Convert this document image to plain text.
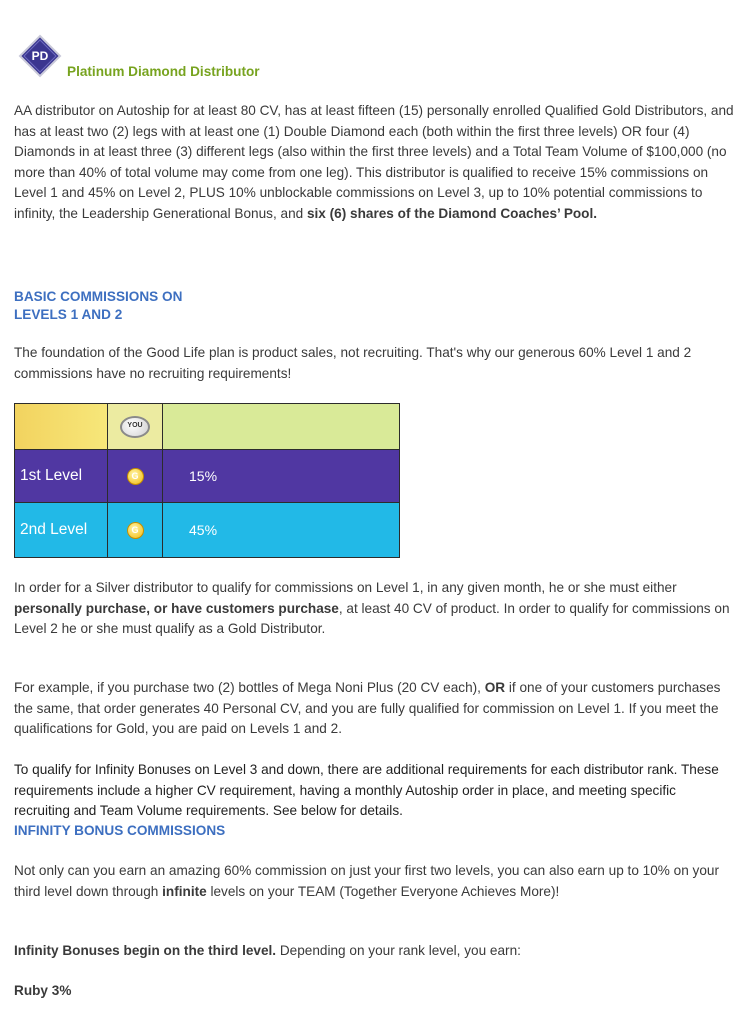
PD
Platinum Diamond Distributor
AA distributor on Autoship for at least 80 CV, has at least fifteen (15) personally enrolled Qualified Gold Distributors, and has at least two (2) legs with at least one (1) Double Diamond each (both within the first three levels) OR four (4) Diamonds in at least three (3) different legs (also within the first three levels) and a Total Team Volume of $100,000 (no more than 40% of total volume may come from one leg). This distributor is qualified to receive 15% commissions on Level 1 and 45% on Level 2, PLUS 10% unblockable commissions on Level 3, up to 10% potential commissions to infinity, the Leadership Generational Bonus, and six (6) shares of the Diamond Coaches’ Pool.
BASIC COMMISSIONS ON
LEVELS 1 AND 2
The foundation of the Good Life plan is product sales, not recruiting. That's why our generous 60% Level 1 and 2 commissions have no recruiting requirements!
YOU
1st Level	G	15%
2nd Level	G	45%
In order for a Silver distributor to qualify for commissions on Level 1, in any given month, he or she must either personally purchase, or have customers purchase, at least 40 CV of product. In order to qualify for commissions on Level 2 he or she must qualify as a Gold Distributor.
For example, if you purchase two (2) bottles of Mega Noni Plus (20 CV each), OR if one of your customers purchases the same, that order generates 40 Personal CV, and you are fully qualified for commission on Level 1. If you meet the qualifications for Gold, you are paid on Levels 1 and 2.
To qualify for Infinity Bonuses on Level 3 and down, there are additional requirements for each distributor rank. These requirements include a higher CV requirement, having a monthly Autoship order in place, and meeting specific recruiting and Team Volume requirements. See below for details.
INFINITY BONUS COMMISSIONS
Not only can you earn an amazing 60% commission on just your first two levels, you can also earn up to 10% on your third level down through infinite levels on your TEAM (Together Everyone Achieves More)!
Infinity Bonuses begin on the third level. Depending on your rank level, you earn:
Ruby 3%
